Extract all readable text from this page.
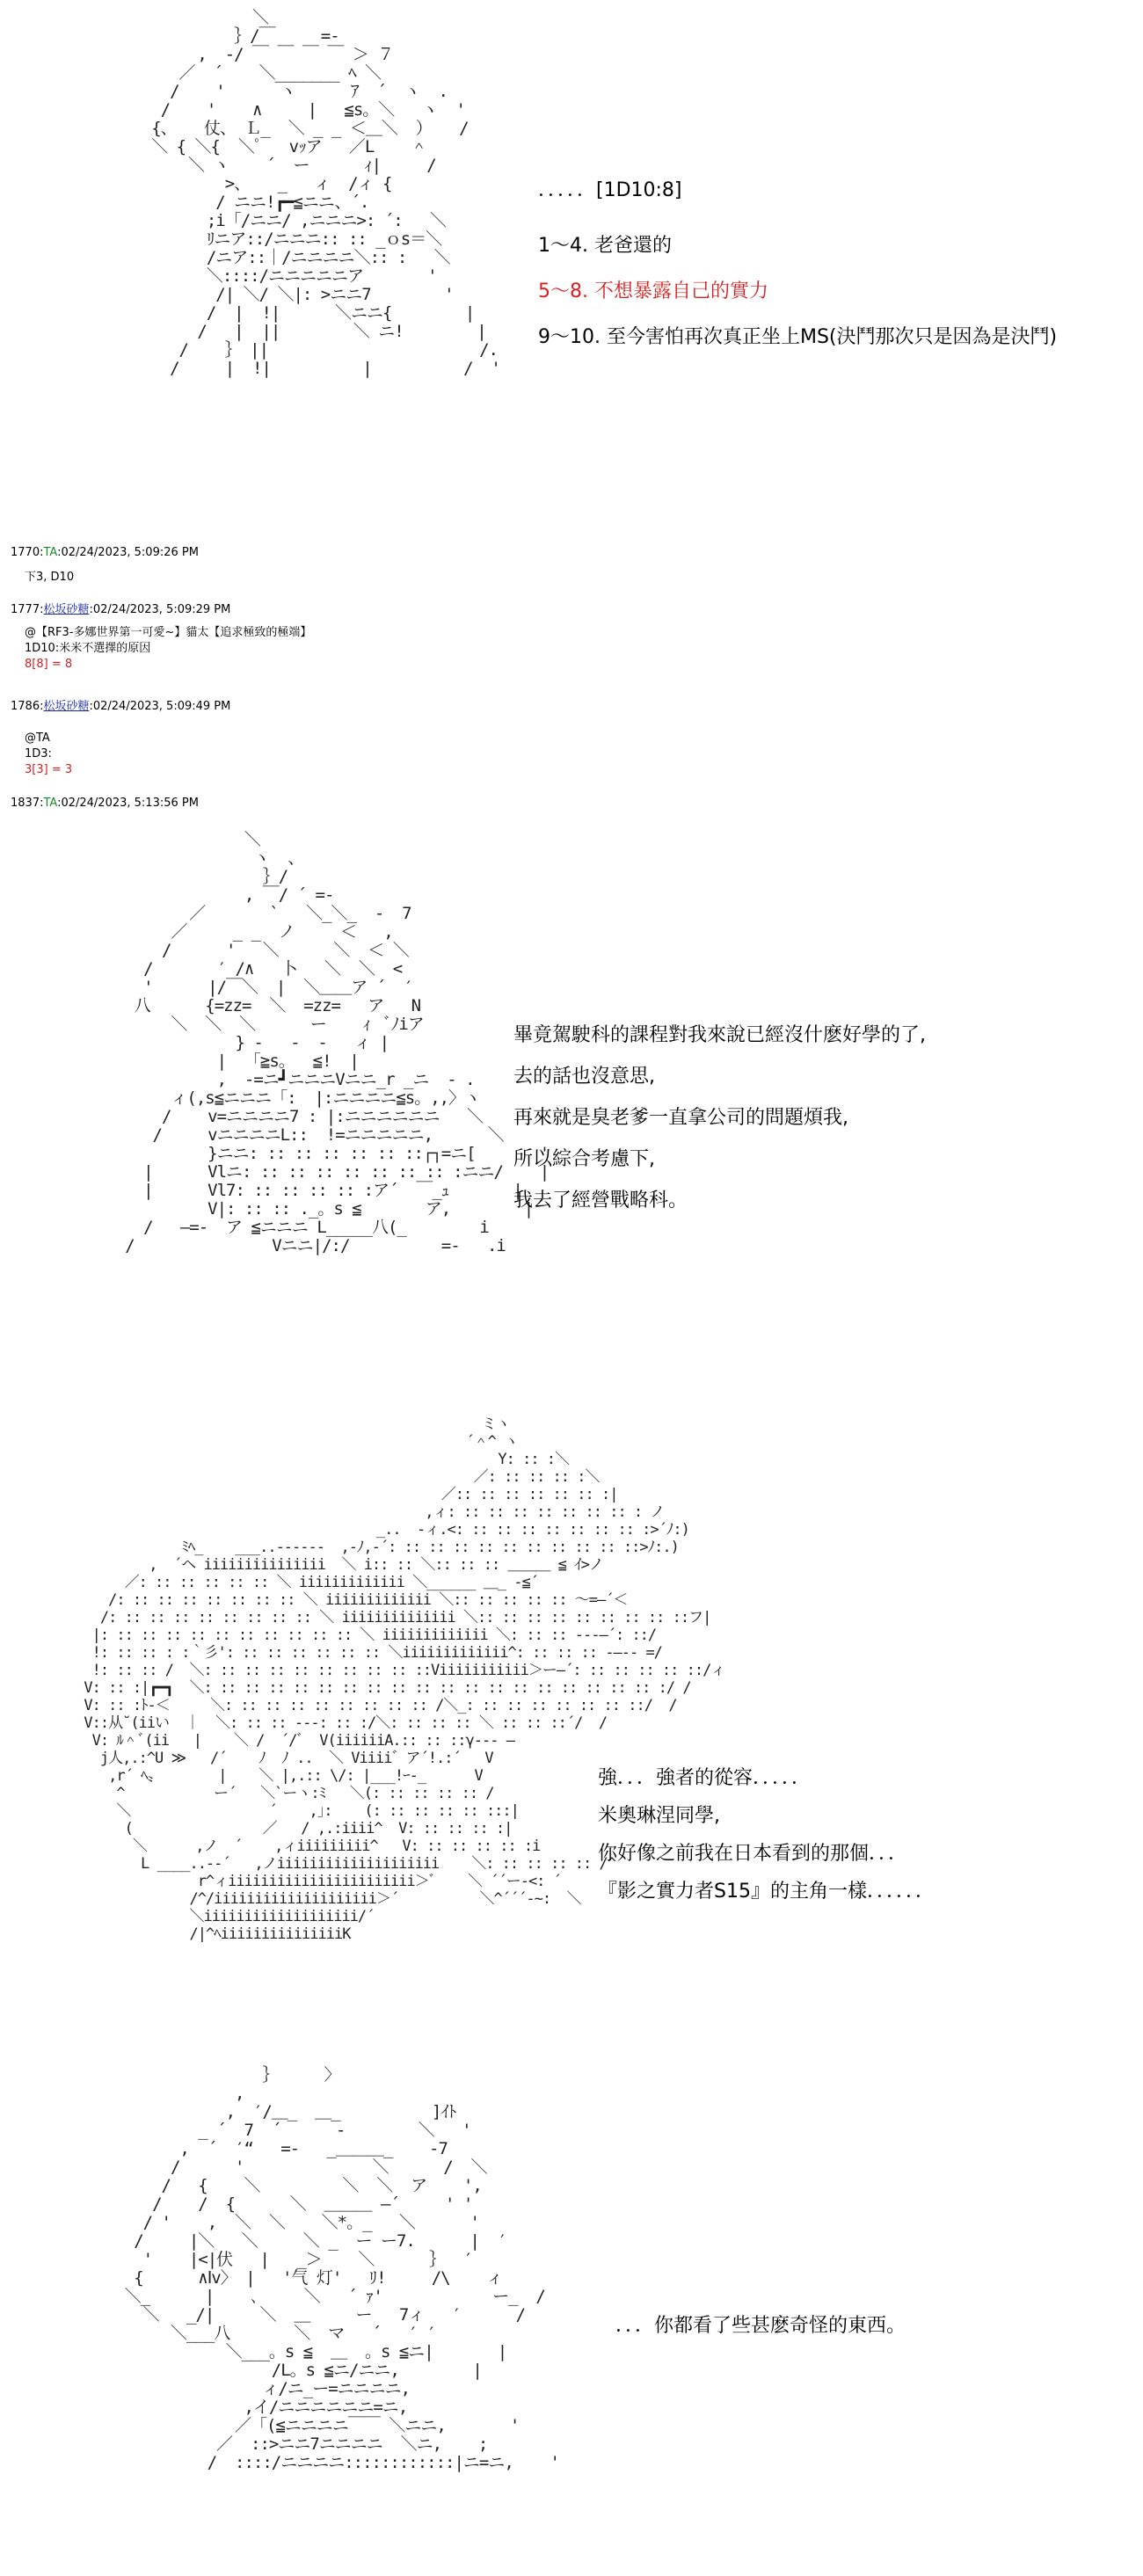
＼
｝/￣     =-
,  -/ ￣ ￣ ￣ ￣ ＞ ７
／  ´    ＼_______ ﾍ ＼
/    '      ヽ      ｱ  ´  ヽ  .
/    '    ∧     |   ≦s。＼   ヽ  '
{、   仗、 Ｌ_  ＼ _ _ ＜＿＼  ）   /
＼ { ＼{  ＼ﾟ   vｯア   ／L    ＾
＼ ヽ    ´  ー      ｨ|     /
>、   _   ィ  /ィ {
/ ニニ!┏━≦ニニ、´.
;i「/ニニ/ ,ニニニ>: ´:   ＼
ﾘニア::/ニニニ:: :: _ｏs＝＼
/ニア::｜/ニニニニ＼:: :   ＼
＼::::/ニニニニニア       '
/| ＼/ ＼|: >ニニ7        '
/  |  !|      ＼ニニ{        |
/   |  ||        ＼ ニ!        |
/    ｝ ||                       /.
/     |  !|          |          /  '

．．．．．[1D10:8]
1～4. 老爸還的
5～8. 不想暴露自己的實力
9～10. 至今害怕再次真正坐上MS(決鬥那次只是因為是決鬥)
1770:TA:02/24/2023, 5:09:26 PM
下3, D10
1777:松坂砂糖:02/24/2023, 5:09:29 PM
@【RF3-多娜世界第一可愛~】貓太【追求極致的極端】
1D10:米米不選擇的原因
8[8] = 8
1786:松坂砂糖:02/24/2023, 5:09:49 PM
@TA
1D3:
3[3] = 3
1837:TA:02/24/2023, 5:13:56 PM
＼
ヽ  、
｝/
, ￣/ ´ =-
／       `   ＼_＼_  -  7
／     _ _  ノ     ＜   ,
/      '   ＼      ＼  ＜ ＼
/       ′ /∧   卜   ＼  ＼  <
'      |/￣＼  |  ＼＿＿ア ´  ′
八      {=zz=  ＼  =zz=   ア   N
＼  ＼  ＼      ー    ｨ  ﾞﾉiア
} -   -  -   ィ |
|  「≧s。  ≦!  |
,  -=ニ┛ニニニVニニ_r _ニ  - .
ィ(,s≦ニニニ「:  |:ニニニニ≦s。,,〉ヽ
/    v=ニニニニ7 : |:ニニニニニニ   ＼
/     vニニニニL::  !=ニニニニニ,      ＼
}ニニ: :: :: :: :: :: ::┌┐=ニ[       '
|      Vlニ: :: :: :: :: :: :: :: :ニニ/    |
|      Vl7: :: :: :: :: :ア´  ￣_ｭ       |
V|: :: :: ._。s ≦       ア,        |
/   ―=-  ア ≦ニニニ L_____八(_        i
/               Vニニ|/:/          =-   .i

畢竟駕駛科的課程對我來說已經沒什麽好學的了,
去的話也沒意思,
再來就是臭老爹一直拿公司的問題煩我,
所以綜合考慮下,
我去了經營戰略科。
ミヽ
´＾^ ヽ
Y: :: :＼
／: :: :: :: :＼
／:: :: :: :: :: :: :|
,ィ: :: :: :: :: :: :: :: : ノ
_..  -ィ.<: :: :: :: :: :: :: :: :>´ﾉ:)
ﾐﾍ_    ___..------  ,-ﾉ,-´: :: :: :: :: :: :: :: :: :: ::>ﾉ:.)
,  ´ヘ iiiiiiiiiiiiiii  ＼ i:: :: ＼:: :: :: ＿＿＿ ≦ ｲ>ノ
／: :: :: :: :: :: ＼ iiiiiiiiiiiii ＼______ ＿_ -≦´
/: :: :: :: :: :: :: :: ＼ iiiiiiiiiiiii ＼:: :: :: :: :: ～=―´＜
/: :: :: :: :: :: :: :: :: ＼ iiiiiiiiiiiiii ＼:: :: :: :: :: :: :: :: ::フ|
|: :: :: :: :: :: :: :: :: :: :: ＼ iiiiiiiiiiiii ＼: :: :: ---―´: ::/
!: :: :: : :｀彡': :: :: :: :: :: :: ＼iiiiiiiiiiiii^: :: :: :: -―-- =/
!: :: :: /  ＼: :: :: :: :: :: :: :: :: ::Viiiiiiiiiii＞ー―´: :: :: :: :: ::/ィ
V: :: :|┏━┓  ＼: :: :: :: :: :: :: :: :: :: :: :: :: :: :: :: :: :: :: :/ /
V: :: :ﾄ‐＜     ＼: :: :: :: :: :: :: :: :: /＼_: :: :: :: :: :: :: ::/  /
V::从˘(iiい  ｜  ＼: :: :: ---: :: :/＼: :: :: :: ＼ :: :: ::´/  /
V: ﾙ＾ﾞ(ii   |    ＼ /  ´/ﾞ  V(iiiiiiA.:: :: ::γ--- ―
j人,.:^U ≫   /´    ﾉ  ﾉ ..  ＼ Viiii゛ア´!.:´   V
,r´ ﾍ〟       |    ＼ |,.:: \/: |___!ｰ-_      V
^           ー´   ＼`ーヽ:ﾐ   ＼(: :: :: :: :: /
＼                 ´    ,｣:    (: :: :: :: :: :::|
(                ／   / ,.:iiii^  V: :: :: :: :|
＼      ,ノ  ´    ,ィiiiiiiiii^   V: :: :: :: :: :i
L ____..--´   ,ノiiiiiiiiiiiiiiiiiiii    ＼: :: :: :: :: /^
r^ィiiiiiiiiiiiiiiiiiiiiiii＞ﾞ    ＼ ´´ー-<: ´
/^/iiiiiiiiiiiiiiiiiiii＞´          ＼^´´´-~:  ＼
＼iiiiiiiiiiiiiiiiiii/´
/|^ﾍiiiiiiiiiiiiiiiK

強．．．強者的從容．．．．．
米奧琳涅同學,
你好像之前我在日本看到的那個．．．
『影之實力者S15』的主角一樣．．．．．．
｝     〉
,
,  ′/＿_  ＿_          ]ｲﾄ
_ ´  7  ´      -        ＼   '
,  ´  ′“   =-   _＿＿＿_    -7
/      '              ＼      /  ＼
/   {    ＼         ＼  ＼  ア    ',
/    /  {      ＼  ＿＿＿ ―´     ' '
/ '    ,  ＼  ＼    ＼*。_   ＼      '
/     |＼   ＼     ＼ _  ー ー7.      |  ′
'    |<|伏   |   _＞    ＼      ｝  ′
{      ∧Ⅰv〉 |   '气 灯'   ﾘ!     /\    ィ
＼_      |    ､     ＼   ´ ｧ'            ー_  /
＼   _/|     ＼  ＿     ー   7ィ   ′      /
＼___八       ＼  マ   ´   ′ ′
＼___。s ≦  ＿  。s ≦ニ|       |
/L。s ≦ニ/ニニ,        |
ィ/ニ_ー=ニニニニ,
,イ/ニニニニニニ=ニ,
／「(≦ニニニニ￣￣ ＼ニニ,       '
／  ::>ニニ7ニニニニ  ＼ニ,    ;
/  ::::/ニニニニ::::::::::::|ニ=ニ,    '

．．．你都看了些甚麽奇怪的東西。
